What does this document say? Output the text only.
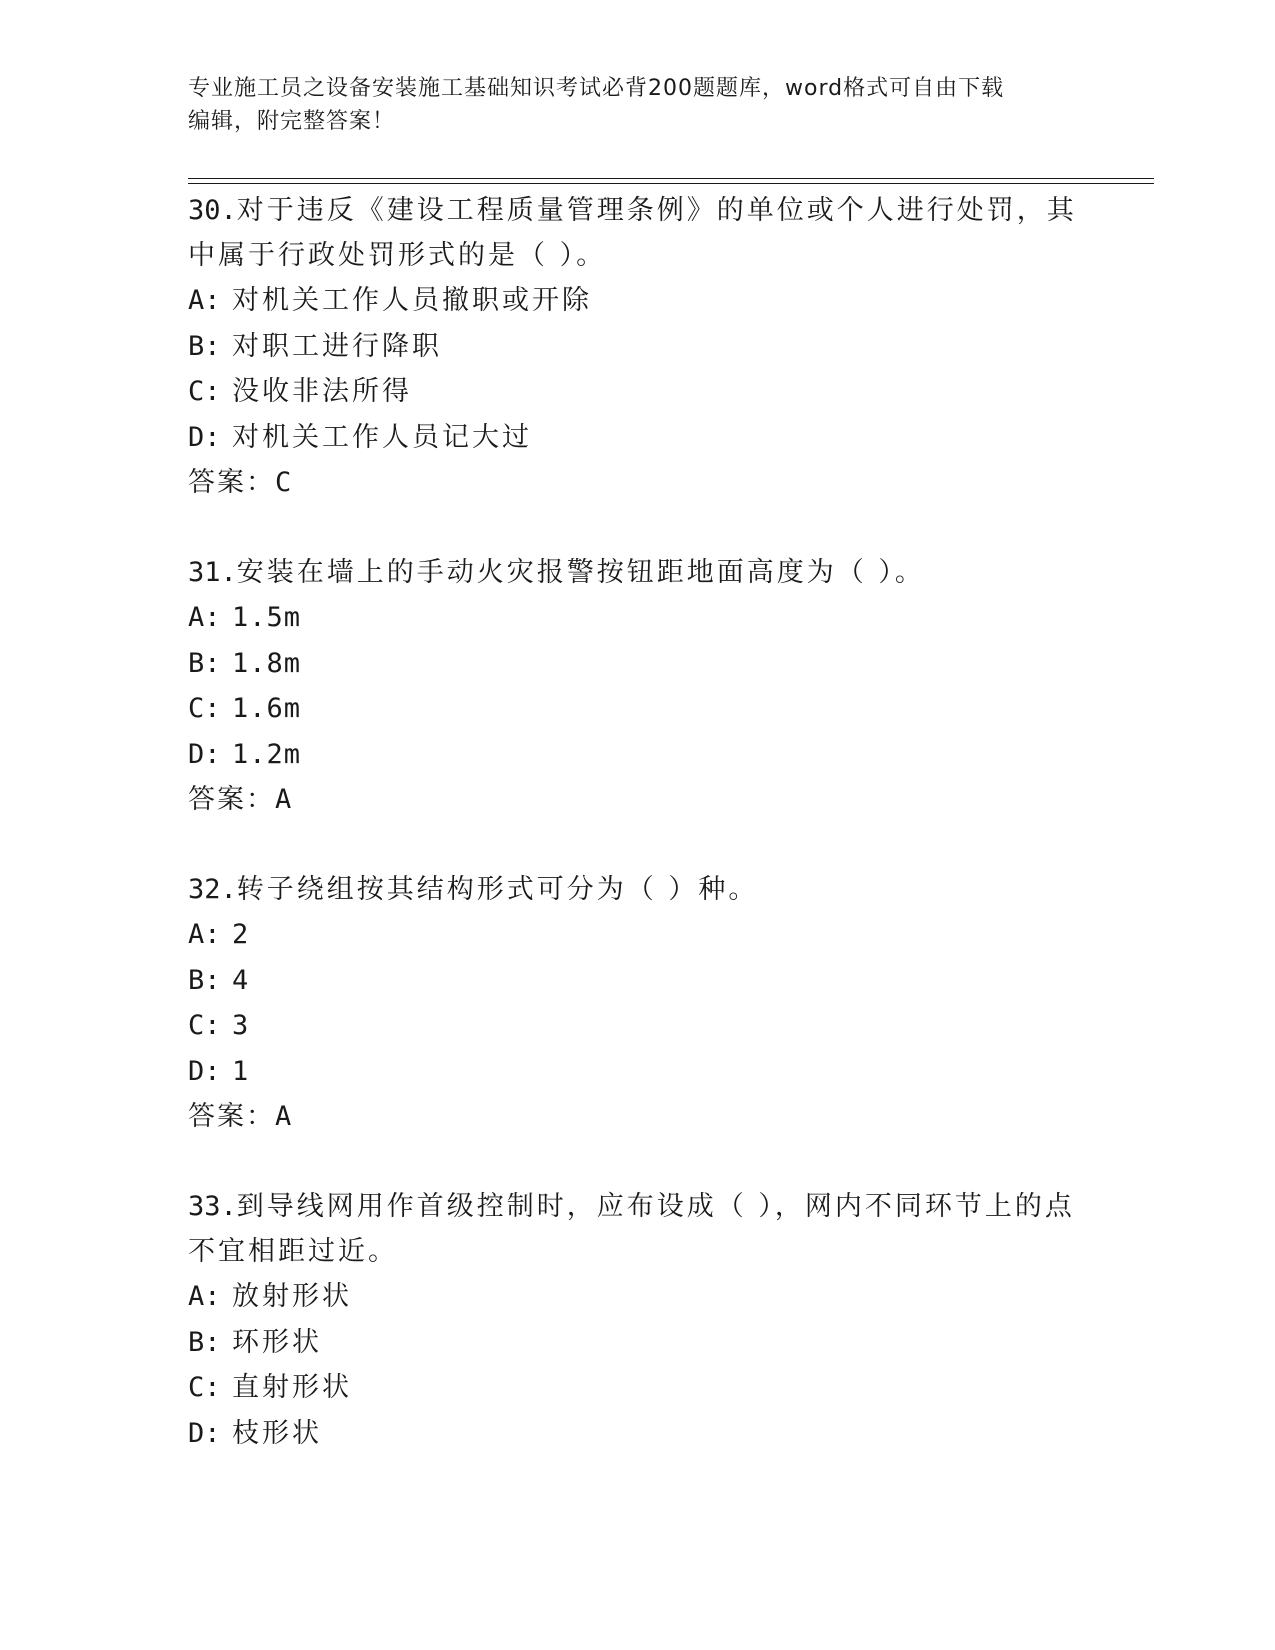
专业施工员之设备安装施工基础知识考试必背200题题库，word格式可自由下载
编辑，附完整答案！
30.对于违反《建设工程质量管理条例》的单位或个人进行处罚，其中属于行政处罚形式的是（ ）。
A: 对机关工作人员撤职或开除
B: 对职工进行降职
C: 没收非法所得
D: 对机关工作人员记大过
答案：C
31.安装在墙上的手动火灾报警按钮距地面高度为（ ）。
A: 1.5m
B: 1.8m
C: 1.6m
D: 1.2m
答案：A
32.转子绕组按其结构形式可分为（ ）种。
A: 2
B: 4
C: 3
D: 1
答案：A
33.到导线网用作首级控制时，应布设成（ ），网内不同环节上的点不宜相距过近。
A: 放射形状
B: 环形状
C: 直射形状
D: 枝形状
